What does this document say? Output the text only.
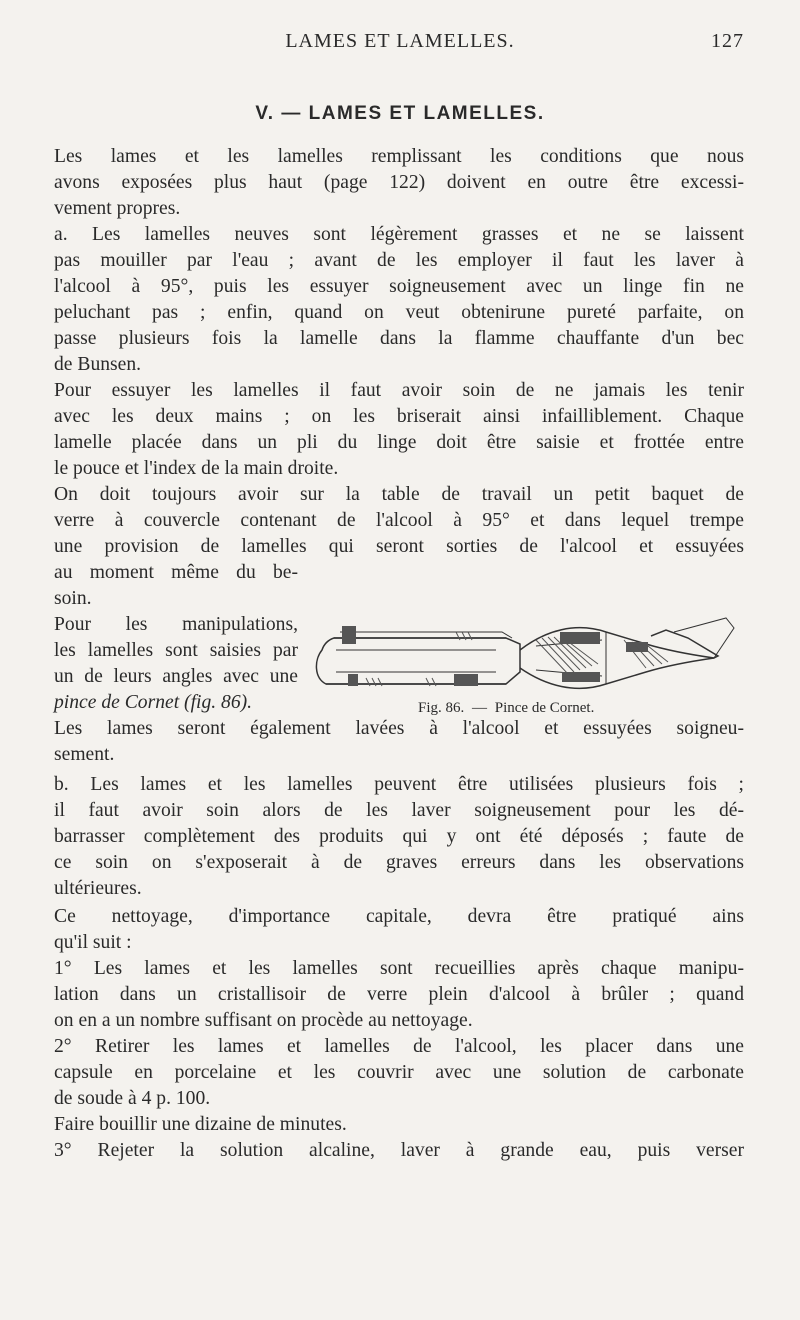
LAMES ET LAMELLES.	127
V. — LAMES ET LAMELLES.
Les lames et les lamelles remplissant les conditions que nous
avons exposées plus haut (page 122) doivent en outre être excessi-
vement propres.
a. Les lamelles neuves sont légèrement grasses et ne se laissent
pas mouiller par l'eau ; avant de les employer il faut les laver à
l'alcool à 95°, puis les essuyer soigneusement avec un linge fin ne
peluchant pas ; enfin, quand on veut obtenirune pureté parfaite, on
passe plusieurs fois la lamelle dans la flamme chauffante d'un bec
de Bunsen.
Pour essuyer les lamelles il faut avoir soin de ne jamais les tenir
avec les deux mains ; on les briserait ainsi infailliblement. Chaque
lamelle placée dans un pli du linge doit être saisie et frottée entre
le pouce et l'index de la main droite.
On doit toujours avoir sur la table de travail un petit baquet de
verre à couvercle contenant de l'alcool à 95° et dans lequel trempe
une provision de lamelles qui seront sorties de l'alcool et essuyées
au moment même du be-
soin.
Pour les manipulations,
les lamelles sont saisies par
un de leurs angles avec une
pince de Cornet (fig. 86).
Les lames seront également lavées à l'alcool et essuyées soigneu-
sement.
b. Les lames et les lamelles peuvent être utilisées plusieurs fois ;
il faut avoir soin alors de les laver soigneusement pour les dé-
barrasser complètement des produits qui y ont été déposés ; faute de
ce soin on s'exposerait à de graves erreurs dans les observations
ultérieures.
Ce nettoyage, d'importance capitale, devra être pratiqué ains
qu'il suit :
1° Les lames et les lamelles sont recueillies après chaque manipu-
lation dans un cristallisoir de verre plein d'alcool à brûler ; quand
on en a un nombre suffisant on procède au nettoyage.
2° Retirer les lames et lamelles de l'alcool, les placer dans une
capsule en porcelaine et les couvrir avec une solution de carbonate
de soude à 4 p. 100.
Faire bouillir une dizaine de minutes.
3° Rejeter la solution alcaline, laver à grande eau, puis verser
Fig. 86. — Pince de Cornet.
